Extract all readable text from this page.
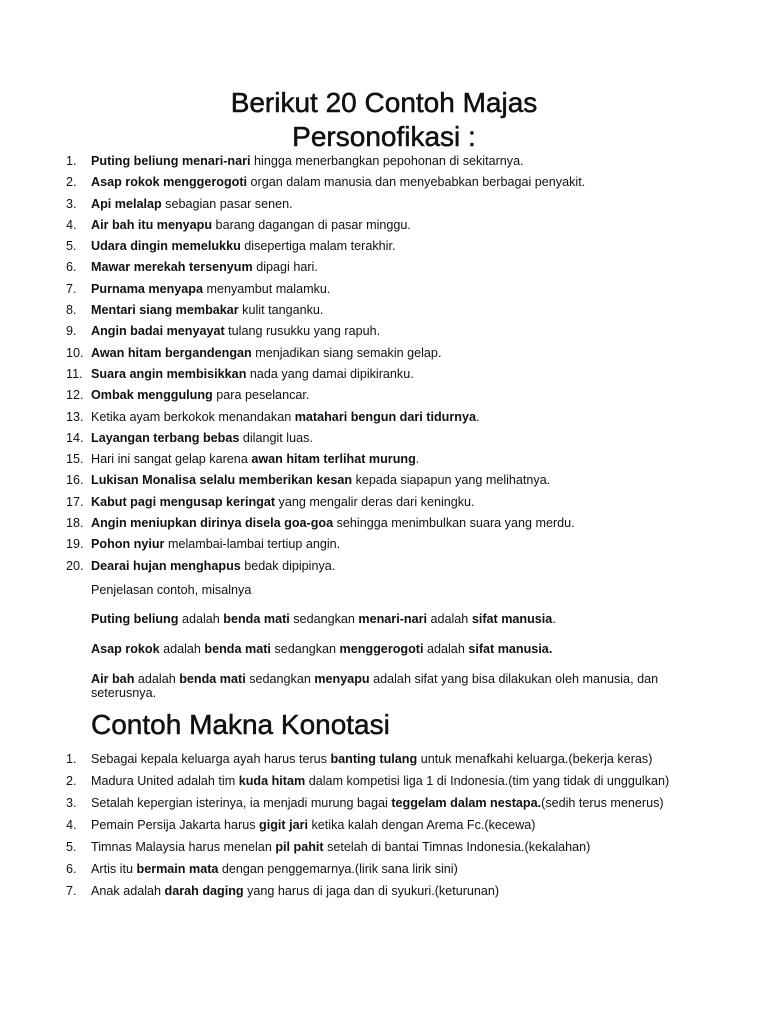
Berikut 20 Contoh Majas
Personofikasi :
1.	Puting beliung menari-nari hingga menerbangkan pepohonan di sekitarnya.
2.	Asap rokok menggerogoti organ dalam manusia dan menyebabkan berbagai penyakit.
3.	Api melalap sebagian pasar senen.
4.	Air bah itu menyapu barang dagangan di pasar minggu.
5.	Udara dingin memelukku disepertiga malam terakhir.
6.	Mawar merekah tersenyum dipagi hari.
7.	Purnama menyapa menyambut malamku.
8.	Mentari siang membakar kulit tanganku.
9.	Angin badai menyayat tulang rusukku yang rapuh.
10. Awan hitam bergandengan menjadikan siang semakin gelap.
11. Suara angin membisikkan nada yang damai dipikiranku.
12. Ombak menggulung para peselancar.
13. Ketika ayam berkokok menandakan matahari bengun dari tidurnya.
14. Layangan terbang bebas dilangit luas.
15. Hari ini sangat gelap karena awan hitam terlihat murung.
16. Lukisan Monalisa selalu memberikan kesan kepada siapapun yang melihatnya.
17. Kabut pagi mengusap keringat yang mengalir deras dari keningku.
18. Angin meniupkan dirinya disela goa-goa sehingga menimbulkan suara yang merdu.
19. Pohon nyiur melambai-lambai tertiup angin.
20. Dearai hujan menghapus bedak dipipinya.

Penjelasan contoh, misalnya

Puting beliung adalah benda mati sedangkan menari-nari adalah sifat manusia.

Asap rokok adalah benda mati sedangkan menggerogoti adalah sifat manusia.

Air bah adalah benda mati sedangkan menyapu adalah sifat yang bisa dilakukan oleh manusia, dan seterusnya.

Contoh Makna Konotasi
1.	Sebagai kepala keluarga ayah harus terus banting tulang untuk menafkahi keluarga.(bekerja keras)
2.	Madura United adalah tim kuda hitam dalam kompetisi liga 1 di Indonesia.(tim yang tidak di unggulkan)
3.	Setalah kepergian isterinya, ia menjadi murung bagai teggelam dalam nestapa.(sedih terus menerus)
4.	Pemain Persija Jakarta harus gigit jari ketika kalah dengan Arema Fc.(kecewa)
5.	Timnas Malaysia harus menelan pil pahit setelah di bantai Timnas Indonesia.(kekalahan)
6.	Artis itu bermain mata dengan penggemarnya.(lirik sana lirik sini)
7.	Anak adalah darah daging yang harus di jaga dan di syukuri.(keturunan)
